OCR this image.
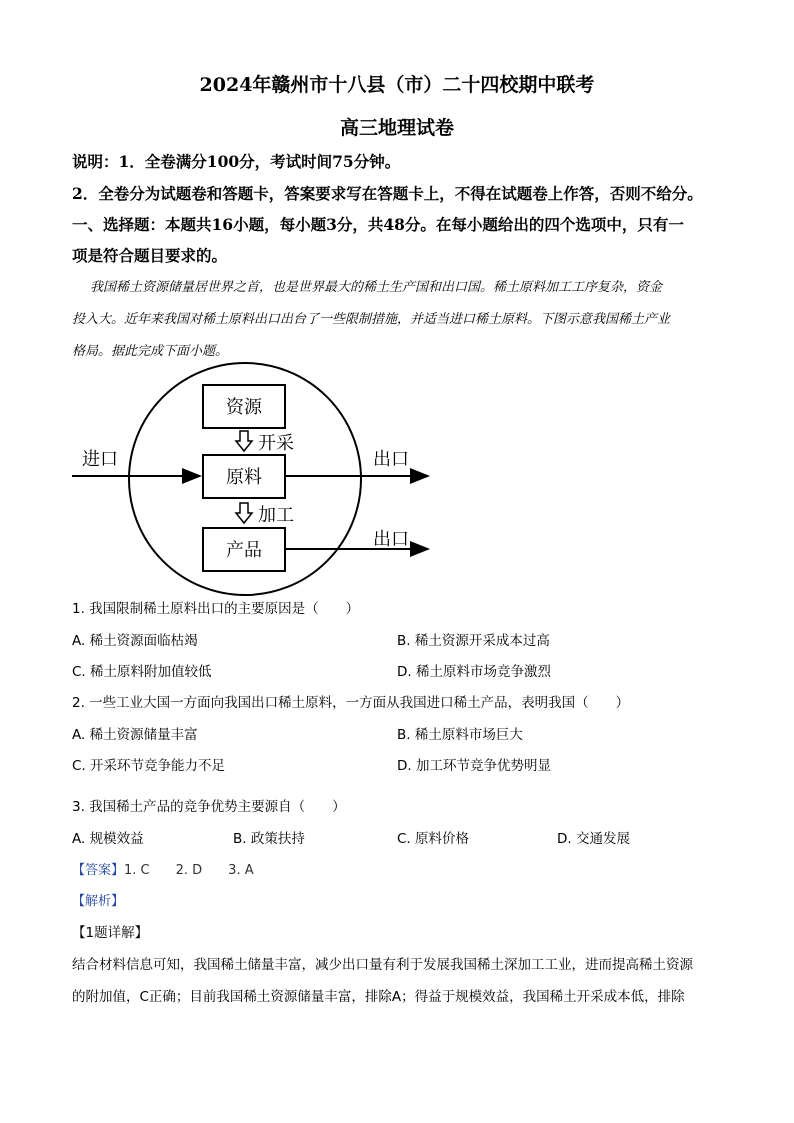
2024年赣州市十八县（市）二十四校期中联考
高三地理试卷
说明：1．全卷满分100分，考试时间75分钟。
2．全卷分为试题卷和答题卡，答案要求写在答题卡上，不得在试题卷上作答，否则不给分。
一、选择题：本题共16小题，每小题3分，共48分。在每小题给出的四个选项中，只有一
项是符合题目要求的。
我国稀土资源储量居世界之首，也是世界最大的稀土生产国和出口国。稀土原料加工工序复杂，资金
投入大。近年来我国对稀土原料出口出台了一些限制措施，并适当进口稀土原料。下图示意我国稀土产业
格局。据此完成下面小题。
资源
原料
产品
开采
加工
进口	出口
出口
1. 我国限制稀土原料出口的主要原因是（　　）
A. 稀土资源面临枯竭	B. 稀土资源开采成本过高
C. 稀土原料附加值较低	D. 稀土原料市场竞争激烈
2. 一些工业大国一方面向我国出口稀土原料，一方面从我国进口稀土产品，表明我国（　　）
A. 稀土资源储量丰富	B. 稀土原料市场巨大
C. 开采环节竞争能力不足	D. 加工环节竞争优势明显
3. 我国稀土产品的竞争优势主要源自（　　）
A. 规模效益	B. 政策扶持	C. 原料价格	D. 交通发展
【答案】1. C　　2. D　　3. A
【解析】
【1题详解】
结合材料信息可知，我国稀土储量丰富，减少出口量有利于发展我国稀土深加工工业，进而提高稀土资源
的附加值，C正确；目前我国稀土资源储量丰富，排除A；得益于规模效益，我国稀土开采成本低，排除
